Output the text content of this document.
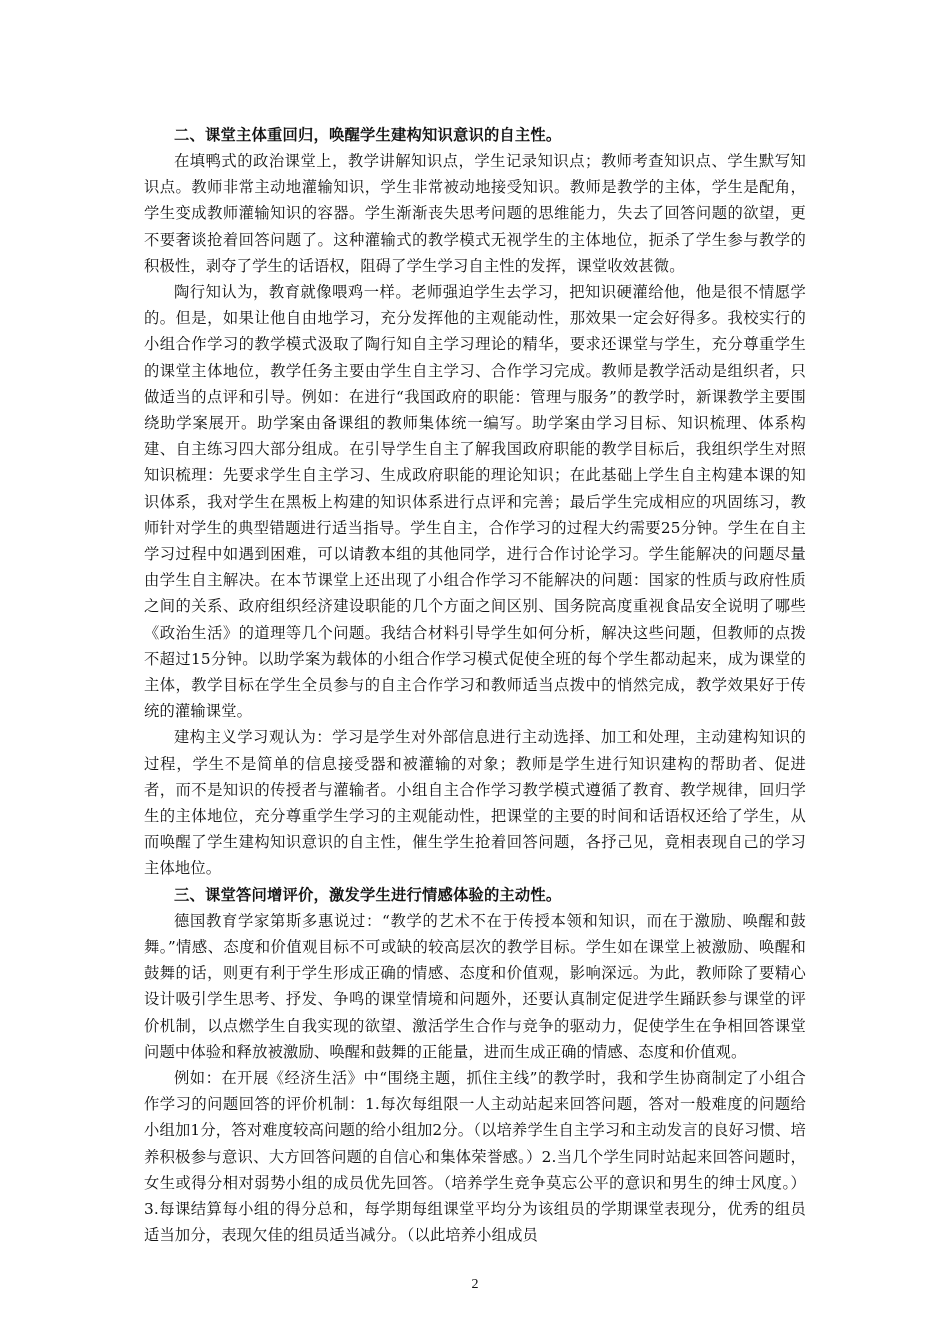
二、课堂主体重回归，唤醒学生建构知识意识的自主性。

在填鸭式的政治课堂上，教学讲解知识点，学生记录知识点；教师考查知识点、学生默写知识点。教师非常主动地灌输知识，学生非常被动地接受知识。教师是教学的主体，学生是配角，学生变成教师灌输知识的容器。学生渐渐丧失思考问题的思维能力，失去了回答问题的欲望，更不要奢谈抢着回答问题了。这种灌输式的教学模式无视学生的主体地位，扼杀了学生参与教学的积极性，剥夺了学生的话语权，阻碍了学生学习自主性的发挥，课堂收效甚微。

陶行知认为，教育就像喂鸡一样。老师强迫学生去学习，把知识硬灌给他，他是很不情愿学的。但是，如果让他自由地学习，充分发挥他的主观能动性，那效果一定会好得多。我校实行的小组合作学习的教学模式汲取了陶行知自主学习理论的精华，要求还课堂与学生，充分尊重学生的课堂主体地位，教学任务主要由学生自主学习、合作学习完成。教师是教学活动是组织者，只做适当的点评和引导。例如：在进行“我国政府的职能：管理与服务”的教学时，新课教学主要围绕助学案展开。助学案由备课组的教师集体统一编写。助学案由学习目标、知识梳理、体系构建、自主练习四大部分组成。在引导学生自主了解我国政府职能的教学目标后，我组织学生对照知识梳理：先要求学生自主学习、生成政府职能的理论知识；在此基础上学生自主构建本课的知识体系，我对学生在黑板上构建的知识体系进行点评和完善；最后学生完成相应的巩固练习，教师针对学生的典型错题进行适当指导。学生自主，合作学习的过程大约需要25分钟。学生在自主学习过程中如遇到困难，可以请教本组的其他同学，进行合作讨论学习。学生能解决的问题尽量由学生自主解决。在本节课堂上还出现了小组合作学习不能解决的问题：国家的性质与政府性质之间的关系、政府组织经济建设职能的几个方面之间区别、国务院高度重视食品安全说明了哪些《政治生活》的道理等几个问题。我结合材料引导学生如何分析，解决这些问题，但教师的点拨不超过15分钟。以助学案为载体的小组合作学习模式促使全班的每个学生都动起来，成为课堂的主体，教学目标在学生全员参与的自主合作学习和教师适当点拨中的悄然完成，教学效果好于传统的灌输课堂。

建构主义学习观认为：学习是学生对外部信息进行主动选择、加工和处理，主动建构知识的过程，学生不是简单的信息接受器和被灌输的对象；教师是学生进行知识建构的帮助者、促进者，而不是知识的传授者与灌输者。小组自主合作学习教学模式遵循了教育、教学规律，回归学生的主体地位，充分尊重学生学习的主观能动性，把课堂的主要的时间和话语权还给了学生，从而唤醒了学生建构知识意识的自主性，催生学生抢着回答问题，各抒己见，竟相表现自己的学习主体地位。

三、课堂答问增评价，激发学生进行情感体验的主动性。

德国教育学家第斯多惠说过：“教学的艺术不在于传授本领和知识，而在于激励、唤醒和鼓舞。”情感、态度和价值观目标不可或缺的较高层次的教学目标。学生如在课堂上被激励、唤醒和鼓舞的话，则更有利于学生形成正确的情感、态度和价值观，影响深远。为此，教师除了要精心设计吸引学生思考、抒发、争鸣的课堂情境和问题外，还要认真制定促进学生踊跃参与课堂的评价机制，以点燃学生自我实现的欲望、激活学生合作与竞争的驱动力，促使学生在争相回答课堂问题中体验和释放被激励、唤醒和鼓舞的正能量，进而生成正确的情感、态度和价值观。

例如：在开展《经济生活》中“围绕主题，抓住主线”的教学时，我和学生协商制定了小组合作学习的问题回答的评价机制：1.每次每组限一人主动站起来回答问题，答对一般难度的问题给小组加1分，答对难度较高问题的给小组加2分。（以培养学生自主学习和主动发言的良好习惯、培养积极参与意识、大方回答问题的自信心和集体荣誉感。）2.当几个学生同时站起来回答问题时，女生或得分相对弱势小组的成员优先回答。（培养学生竞争莫忘公平的意识和男生的绅士风度。）3.每课结算每小组的得分总和，每学期每组课堂平均分为该组员的学期课堂表现分，优秀的组员适当加分，表现欠佳的组员适当减分。（以此培养小组成员

2
